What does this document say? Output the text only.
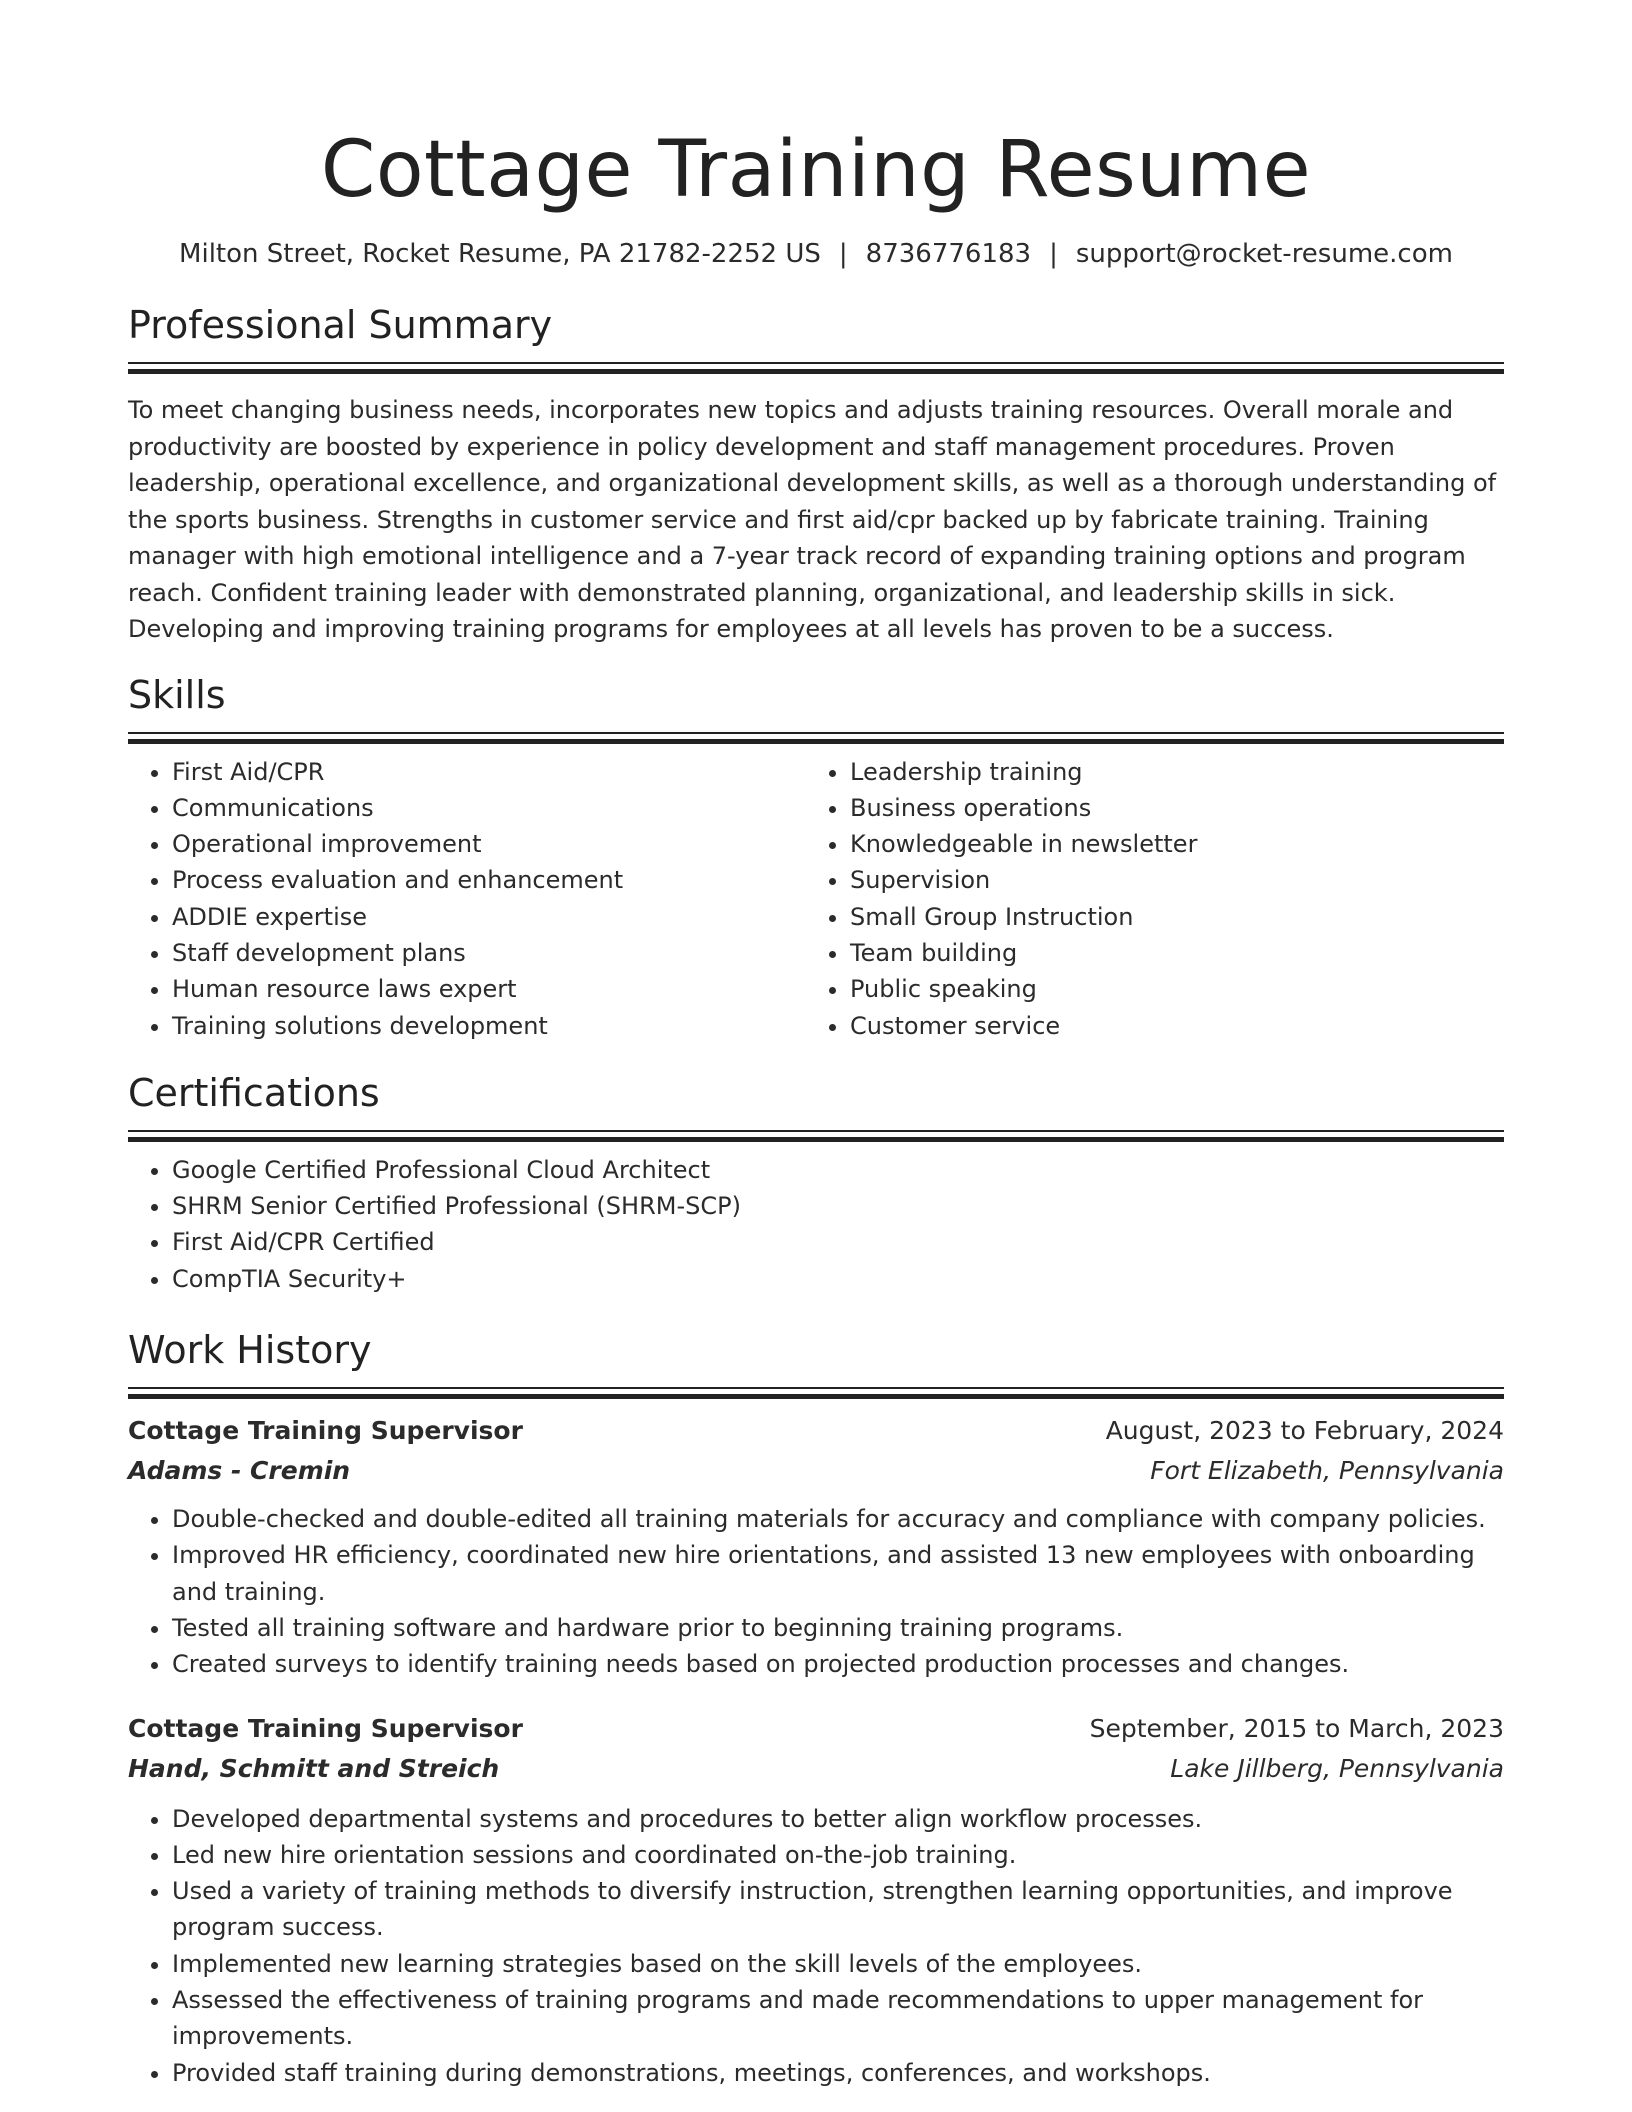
Cottage Training Resume
Milton Street, Rocket Resume, PA 21782-2252 US | 8736776183 | support@rocket-resume.com
Professional Summary

To meet changing business needs, incorporates new topics and adjusts training resources. Overall morale and productivity are boosted by experience in policy development and staff management procedures. Proven leadership, operational excellence, and organizational development skills, as well as a thorough understanding of the sports business. Strengths in customer service and first aid/cpr backed up by fabricate training. Training manager with high emotional intelligence and a 7-year track record of expanding training options and program reach. Confident training leader with demonstrated planning, organizational, and leadership skills in sick. Developing and improving training programs for employees at all levels has proven to be a success.

Skills
• First Aid/CPR
• Communications
• Operational improvement
• Process evaluation and enhancement
• ADDIE expertise
• Staff development plans
• Human resource laws expert
• Training solutions development
• Leadership training
• Business operations
• Knowledgeable in newsletter
• Supervision
• Small Group Instruction
• Team building
• Public speaking
• Customer service
Certifications
• Google Certified Professional Cloud Architect
• SHRM Senior Certified Professional (SHRM-SCP)
• First Aid/CPR Certified
• CompTIA Security+
Work History
Cottage Training Supervisor	August, 2023 to February, 2024
Adams - Cremin	Fort Elizabeth, Pennsylvania
• Double-checked and double-edited all training materials for accuracy and compliance with company policies.
• Improved HR efficiency, coordinated new hire orientations, and assisted 13 new employees with onboarding and training.
• Tested all training software and hardware prior to beginning training programs.
• Created surveys to identify training needs based on projected production processes and changes.
Cottage Training Supervisor	September, 2015 to March, 2023
Hand, Schmitt and Streich	Lake Jillberg, Pennsylvania
• Developed departmental systems and procedures to better align workflow processes.
• Led new hire orientation sessions and coordinated on-the-job training.
• Used a variety of training methods to diversify instruction, strengthen learning opportunities, and improve program success.
• Implemented new learning strategies based on the skill levels of the employees.
• Assessed the effectiveness of training programs and made recommendations to upper management for improvements.
• Provided staff training during demonstrations, meetings, conferences, and workshops.
